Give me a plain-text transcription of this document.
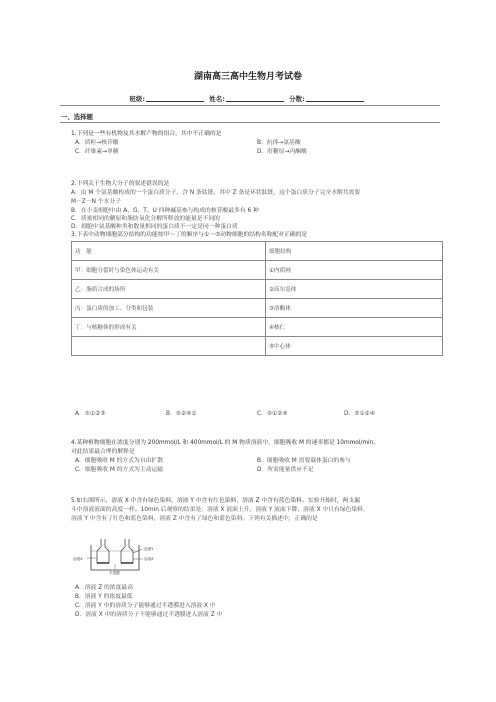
湖南高三高中生物月考试卷
班级:	姓名:	分数:
一、选择题
1.下列是一些有机物及其水解产物的组合，其中不正确的是
A．质粒→核苷酸	B．抗体→氨基酸
C．纤维素→单糖	D．肝糖原→丙酮酸
2.下列关于生物大分子的叙述错误的是
A．由 M 个氨基酸构成的一个蛋白质分子，含 N 条肽链，其中 Z 条是环状肽链，这个蛋白质分子完全水解共需要
M－Z－N 个水分子
B．在小麦细胞中由 A、G、T、U 四种碱基参与构成的核苷酸最多有 6 种
C．质量相同的糖原和脂肪氧化分解所释放的能量是不同的
D．细胞中氨基酸种类和数量相同的蛋白质不一定是同一种蛋白质
3.下表中动物细胞部分结构的功能按甲～丁的顺序与①～⑤动物细胞的结构名称配对正确的是
功　能	细胞结构
甲：细胞分裂时与染色体运动有关	①内质网
乙：脂质合成的场所	②高尔基体
丙：蛋白质的加工、分类和包装	③溶酶体
丁：与核糖体的形成有关	④核仁
	⑤中心体
A．⑤①②③	B．⑤②④①	C．⑤①②④	D．⑤①②④
4.某种植物细胞在浓度分别为 200mmol/L 和 400mmol/L 的 M 物质溶液中，细胞吸收 M 的速率都是 10mmol/min。
对此结果最合理的解释是
A．细胞吸收 M 的方式为自由扩散	B．细胞吸收 M 需要载体蛋白的参与
C．细胞吸收 M 的方式为主动运输	D．所需能量供应不足
5.如右图所示，溶液 X 中含有绿色染料，溶液 Y 中含有红色染料，溶液 Z 中含有蓝色染料。实验开始时，两支漏
斗中溶液液面的高度一样。10min 后观察的结果是：溶液 X 液面上升，溶液 Y 液面下降；溶液 X 中只有绿色染料，
溶液 Y 中含有了红色和蓝色染料，溶液 Z 中含有了绿色和蓝色染料。下列有关描述中，正确的是
溶液X
溶液Y
溶液Z
半透膜
A．溶液 Z 的浓度最高
B．溶液 Y 的浓度最低
C．溶液 Y 中的溶质分子能够通过半透膜进入溶液 X 中
D．溶液 X 中的溶质分子不能够通过半透膜进入溶液 Z 中
